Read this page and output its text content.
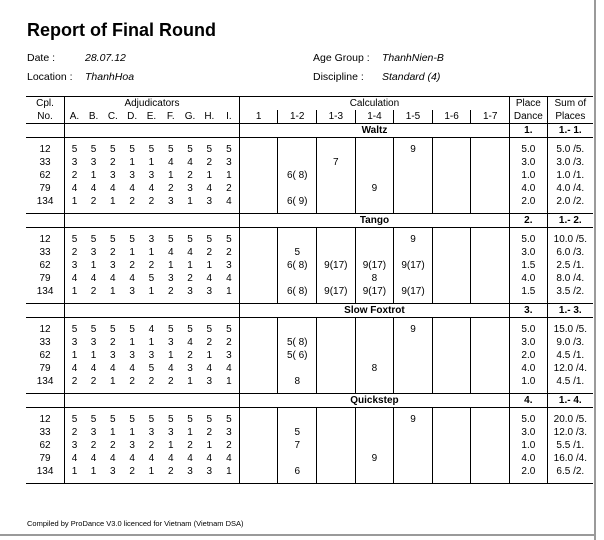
Report of Final Round
Date :	28.07.12
Location : ThanhHoa
Age Group : ThanhNien-B
Discipline : Standard (4)
Cpl.	Adjudicators									Calculation							Place	Sum of
No.	A.	B.	C.	D.	E.	F.	G.	H.	I.	1	1-2	1-3	1-4	1-5	1-6	1-7	Dance	Places
										Waltz							1.	1.- 1.

12	5	5	5	5	5	5	5	5	5					9			5.0	5.0 /5.
33	3	3	2	1	1	4	4	2	3			7					3.0	3.0 /3.
62	2	1	3	3	3	1	2	1	1		6( 8)						1.0	1.0 /1.
79	4	4	4	4	4	2	3	4	2				9				4.0	4.0 /4.
134	1	2	1	2	2	3	1	3	4		6( 9)						2.0	2.0 /2.

										Tango							2.	1.- 2.

12	5	5	5	5	3	5	5	5	5					9			5.0	10.0 /5.
33	2	3	2	1	1	4	4	2	2		5						3.0	6.0 /3.
62	3	1	3	2	2	1	1	1	3		6( 8)	9(17)	9(17)	9(17)			1.5	2.5 /1.
79	4	4	4	4	5	3	2	4	4				8				4.0	8.0 /4.
134	1	2	1	3	1	2	3	3	1		6( 8)	9(17)	9(17)	9(17)			1.5	3.5 /2.

										Slow Foxtrot							3.	1.- 3.

12	5	5	5	5	4	5	5	5	5					9			5.0	15.0 /5.
33	3	3	2	1	1	3	4	2	2		5( 8)						3.0	9.0 /3.
62	1	1	3	3	3	1	2	1	3		5( 6)						2.0	4.5 /1.
79	4	4	4	4	5	4	3	4	4				8				4.0	12.0 /4.
134	2	2	1	2	2	2	1	3	1		8						1.0	4.5 /1.

										Quickstep							4.	1.- 4.

12	5	5	5	5	5	5	5	5	5					9			5.0	20.0 /5.
33	2	3	1	1	3	3	1	2	3		5						3.0	12.0 /3.
62	3	2	2	3	2	1	2	1	2		7						1.0	5.5 /1.
79	4	4	4	4	4	4	4	4	4				9				4.0	16.0 /4.
134	1	1	3	2	1	2	3	3	1		6						2.0	6.5 /2.

Compiled by ProDance V3.0 licenced for Vietnam (Vietnam DSA)
